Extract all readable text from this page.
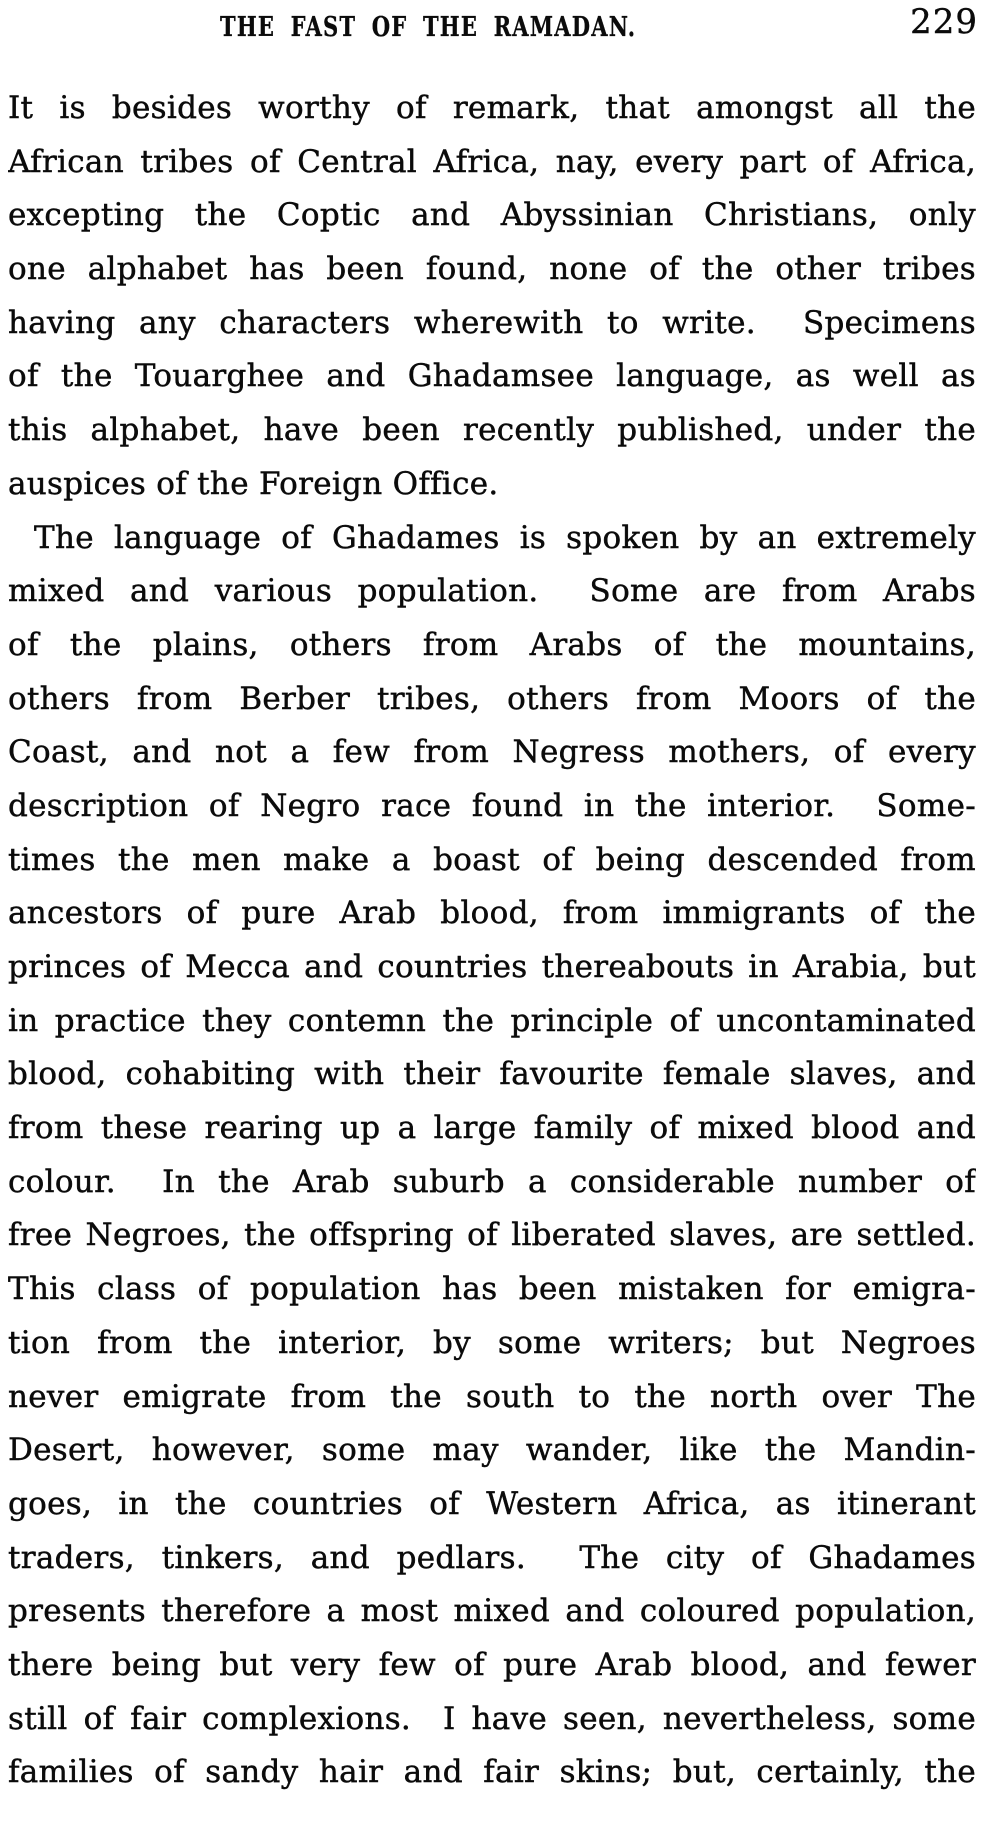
THE FAST OF THE RAMADAN.	229
It is besides worthy of remark, that amongst all the
African tribes of Central Africa, nay, every part of Africa,
excepting the Coptic and Abyssinian Christians, only
one alphabet has been found, none of the other tribes
having any characters wherewith to write.  Specimens
of the Touarghee and Ghadamsee language, as well as
this alphabet, have been recently published, under the
auspices of the Foreign Office.
The language of Ghadames is spoken by an extremely
mixed and various population.  Some are from Arabs
of the plains, others from Arabs of the mountains,
others from Berber tribes, others from Moors of the
Coast, and not a few from Negress mothers, of every
description of Negro race found in the interior.  Some-
times the men make a boast of being descended from
ancestors of pure Arab blood, from immigrants of the
princes of Mecca and countries thereabouts in Arabia, but
in practice they contemn the principle of uncontaminated
blood, cohabiting with their favourite female slaves, and
from these rearing up a large family of mixed blood and
colour.  In the Arab suburb a considerable number of
free Negroes, the offspring of liberated slaves, are settled.
This class of population has been mistaken for emigra-
tion from the interior, by some writers; but Negroes
never emigrate from the south to the north over The
Desert, however, some may wander, like the Mandin-
goes, in the countries of Western Africa, as itinerant
traders, tinkers, and pedlars.  The city of Ghadames
presents therefore a most mixed and coloured population,
there being but very few of pure Arab blood, and fewer
still of fair complexions.  I have seen, nevertheless, some
families of sandy hair and fair skins; but, certainly, the
